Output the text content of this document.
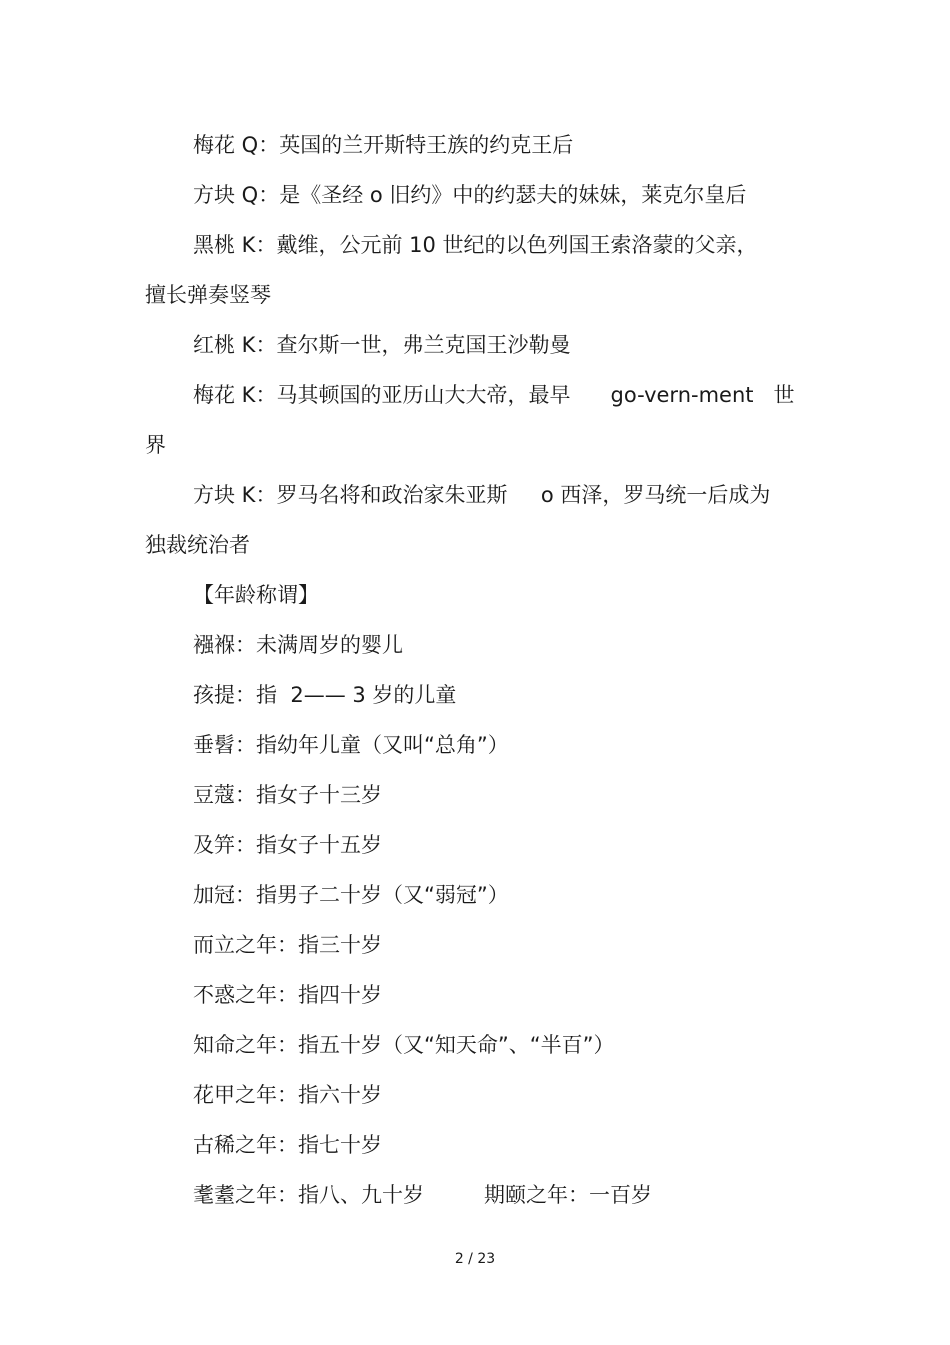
梅花 Q：英国的兰开斯特王族的约克王后
方块 Q：是《圣经 o 旧约》中的约瑟夫的妹妹，莱克尔皇后
黑桃 K：戴维，公元前 10 世纪的以色列国王索洛蒙的父亲，
擅长弹奏竖琴
红桃 K：查尔斯一世，弗兰克国王沙勒曼
梅花 K：马其顿国的亚历山大大帝，最早      go-vern-ment   世
界
方块 K：罗马名将和政治家朱亚斯     o 西泽，罗马统一后成为
独裁统治者
【年龄称谓】
襁褓：未满周岁的婴儿
孩提：指  2—— 3 岁的儿童
垂髫：指幼年儿童（又叫“总角”）
豆蔻：指女子十三岁
及笄：指女子十五岁
加冠：指男子二十岁（又“弱冠”）
而立之年：指三十岁
不惑之年：指四十岁
知命之年：指五十岁（又“知天命”、“半百”）
花甲之年：指六十岁
古稀之年：指七十岁
耄耋之年：指八、九十岁	期颐之年：一百岁
2 / 23
